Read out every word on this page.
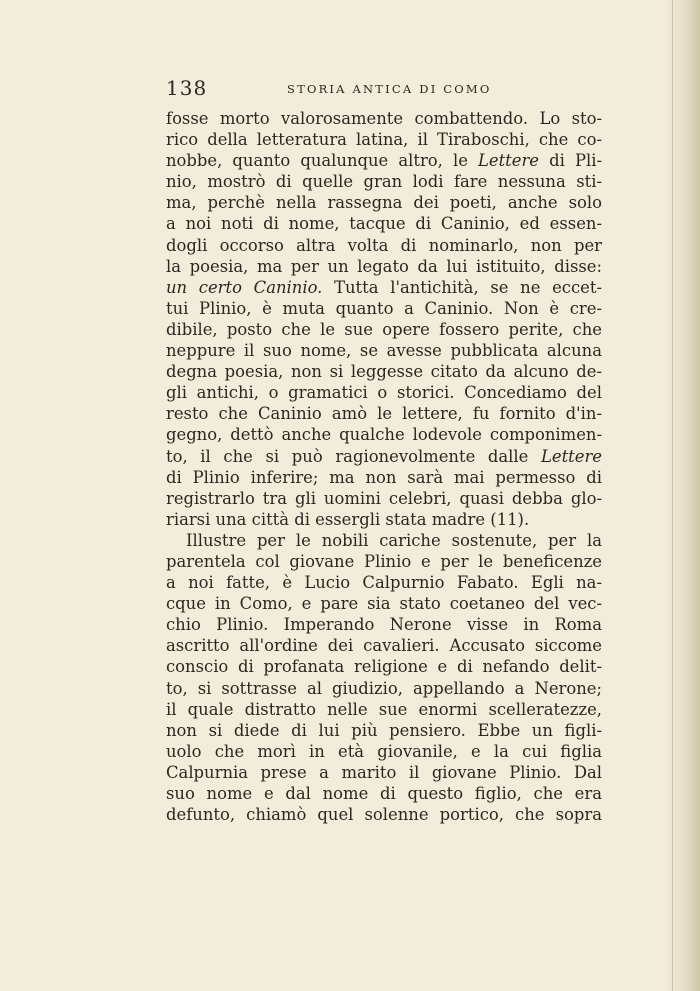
138	STORIA ANTICA DI COMO
fosse morto valorosamente combattendo. Lo sto-
rico della letteratura latina, il Tiraboschi, che co-
nobbe, quanto qualunque altro, le Lettere di Pli-
nio, mostrò di quelle gran lodi fare nessuna sti-
ma, perchè nella rassegna dei poeti, anche solo
a noi noti di nome, tacque di Caninio, ed essen-
dogli occorso altra volta di nominarlo, non per
la poesia, ma per un legato da lui istituito, disse:
un certo Caninio. Tutta l'antichità, se ne eccet-
tui Plinio, è muta quanto a Caninio. Non è cre-
dibile, posto che le sue opere fossero perite, che
neppure il suo nome, se avesse pubblicata alcuna
degna poesia, non si leggesse citato da alcuno de-
gli antichi, o gramatici o storici. Concediamo del
resto che Caninio amò le lettere, fu fornito d'in-
gegno, dettò anche qualche lodevole componimen-
to, il che si può ragionevolmente dalle Lettere
di Plinio inferire; ma non sarà mai permesso di
registrarlo tra gli uomini celebri, quasi debba glo-
riarsi una città di essergli stata madre (11).
Illustre per le nobili cariche sostenute, per la
parentela col giovane Plinio e per le beneficenze
a noi fatte, è Lucio Calpurnio Fabato. Egli na-
cque in Como, e pare sia stato coetaneo del vec-
chio Plinio. Imperando Nerone visse in Roma
ascritto all'ordine dei cavalieri. Accusato siccome
conscio di profanata religione e di nefando delit-
to, si sottrasse al giudizio, appellando a Nerone;
il quale distratto nelle sue enormi scelleratezze,
non si diede di lui più pensiero. Ebbe un figli-
uolo che morì in età giovanile, e la cui figlia
Calpurnia prese a marito il giovane Plinio. Dal
suo nome e dal nome di questo figlio, che era
defunto, chiamò quel solenne portico, che sopra
